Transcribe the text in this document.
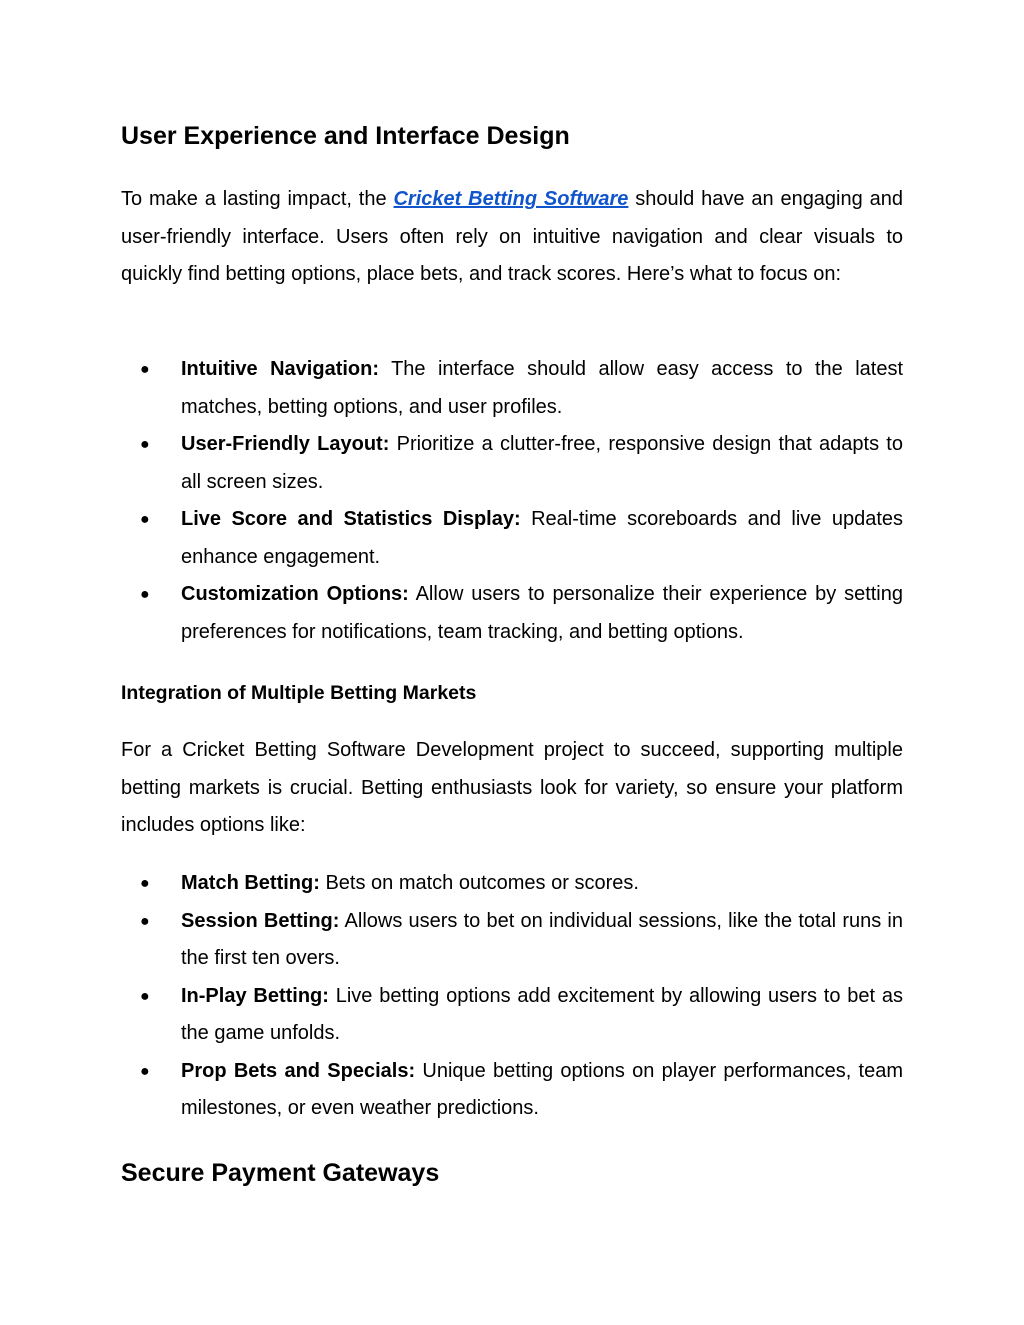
User Experience and Interface Design

To make a lasting impact, the Cricket Betting Software should have an engaging and user-friendly interface. Users often rely on intuitive navigation and clear visuals to quickly find betting options, place bets, and track scores. Here’s what to focus on:

● Intuitive Navigation: The interface should allow easy access to the latest matches, betting options, and user profiles.
● User-Friendly Layout: Prioritize a clutter-free, responsive design that adapts to all screen sizes.
● Live Score and Statistics Display: Real-time scoreboards and live updates enhance engagement.
● Customization Options: Allow users to personalize their experience by setting preferences for notifications, team tracking, and betting options.
Integration of Multiple Betting Markets

For a Cricket Betting Software Development project to succeed, supporting multiple betting markets is crucial. Betting enthusiasts look for variety, so ensure your platform includes options like:

● Match Betting: Bets on match outcomes or scores.
● Session Betting: Allows users to bet on individual sessions, like the total runs in the first ten overs.
● In-Play Betting: Live betting options add excitement by allowing users to bet as the game unfolds.
● Prop Bets and Specials: Unique betting options on player performances, team milestones, or even weather predictions.
Secure Payment Gateways
